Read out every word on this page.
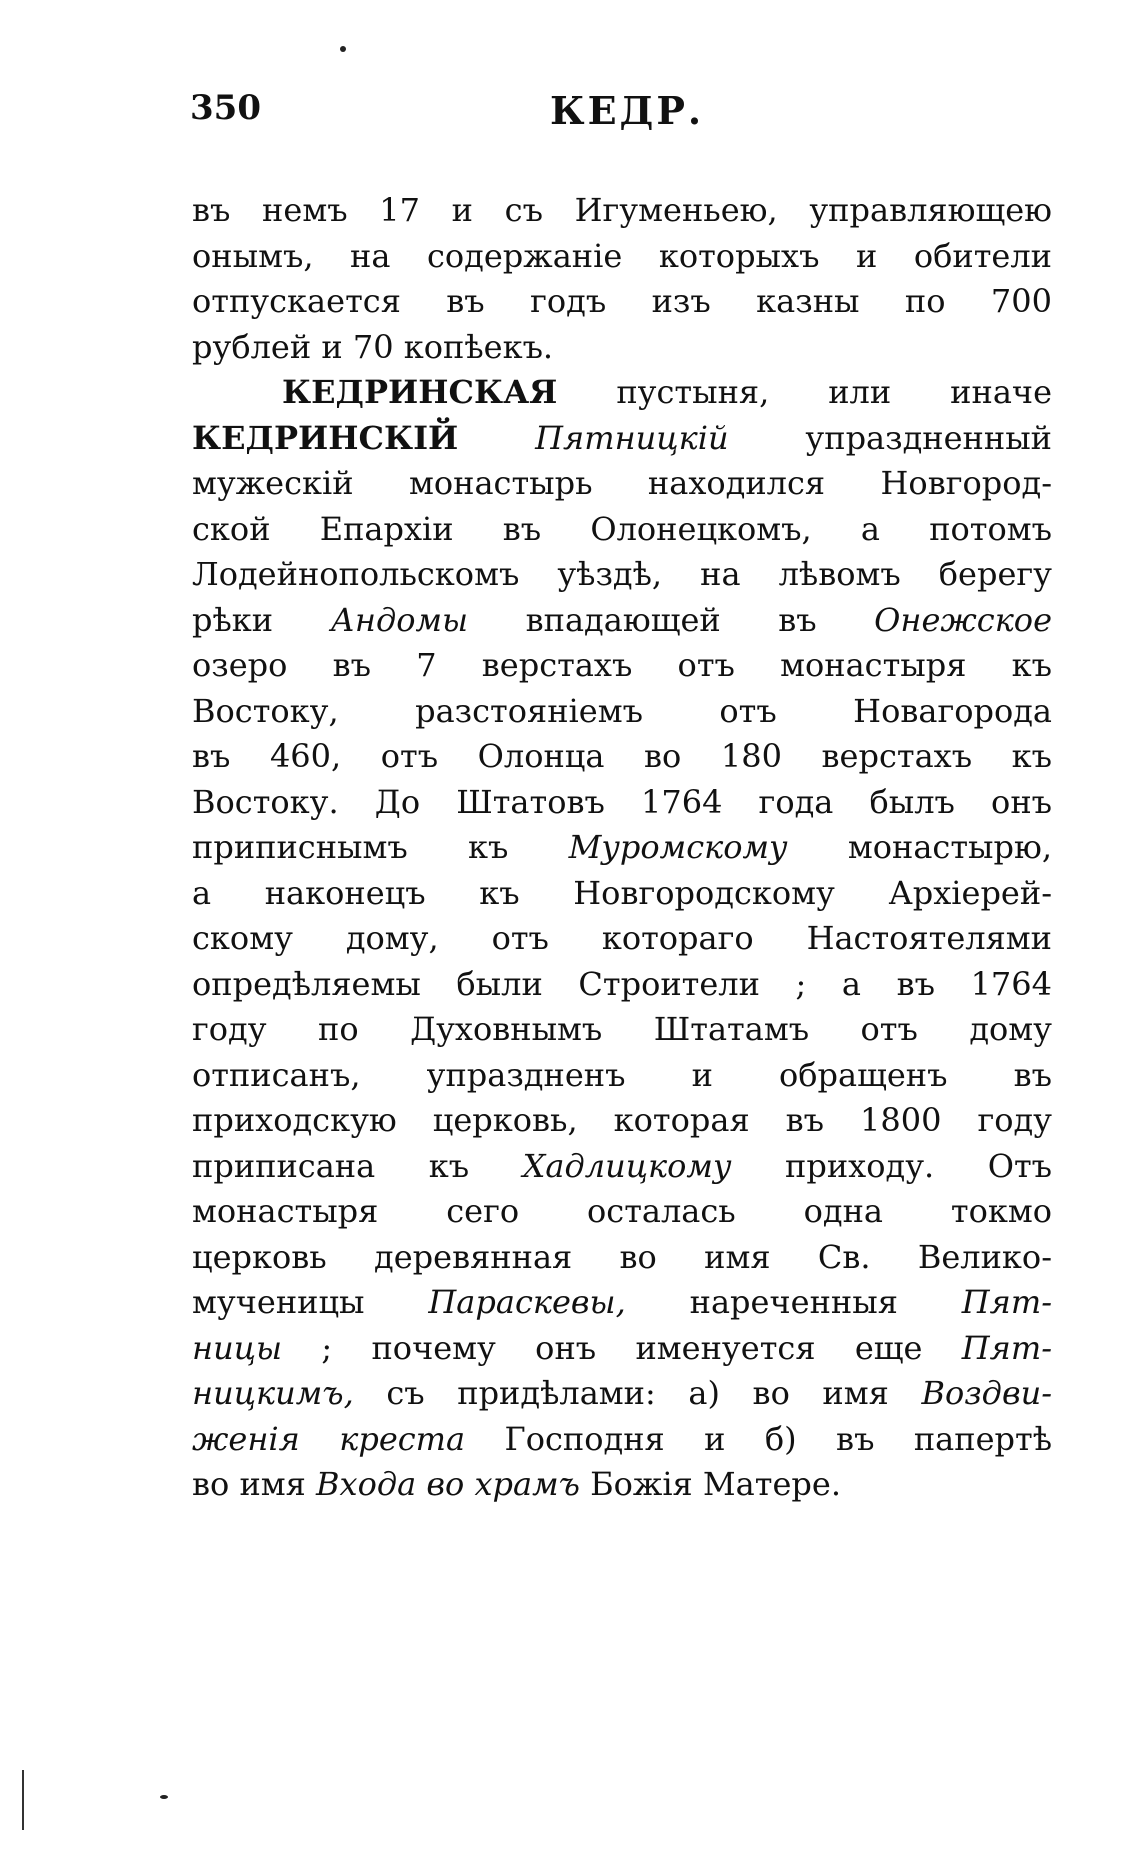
350	КЕДР.
въ немъ 17 и съ Игуменьею, управляющею
онымъ, на содержаніе которыхъ и обители
отпускается въ годъ изъ казны по 700
рублей и 70 копѣекъ.
КЕДРИНСКАЯ пустыня, или иначе
КЕДРИНСКІЙ Пятницкій упраздненный
мужескій монастырь находился Новгород-
ской Епархіи въ Олонецкомъ, а потомъ
Лодейнопольскомъ уѣздѣ, на лѣвомъ берегу
рѣки Андомы впадающей въ Онежское
озеро въ 7 верстахъ отъ монастыря къ
Востоку, разстояніемъ отъ Новагорода
въ 460, отъ Олонца во 180 верстахъ къ
Востоку. До Штатовъ 1764 года былъ онъ
приписнымъ къ Муромскому монастырю,
а наконецъ къ Новгородскому Архіерей-
скому дому, отъ котораго Настоятелями
опредѣляемы были Строители ; а въ 1764
году по Духовнымъ Штатамъ отъ дому
отписанъ, упраздненъ и обращенъ въ
приходскую церковь, которая въ 1800 году
приписана къ Хадлицкому приходу. Отъ
монастыря сего осталась одна токмо
церковь деревянная во имя Св. Велико-
мученицы Параскевы, нареченныя Пят-
ницы ; почему онъ именуется еще Пят-
ницкимъ, съ придѣлами: а) во имя Воздви-
женія креста Господня и б) въ папертѣ
во имя Входа во храмъ Божія Матере.
